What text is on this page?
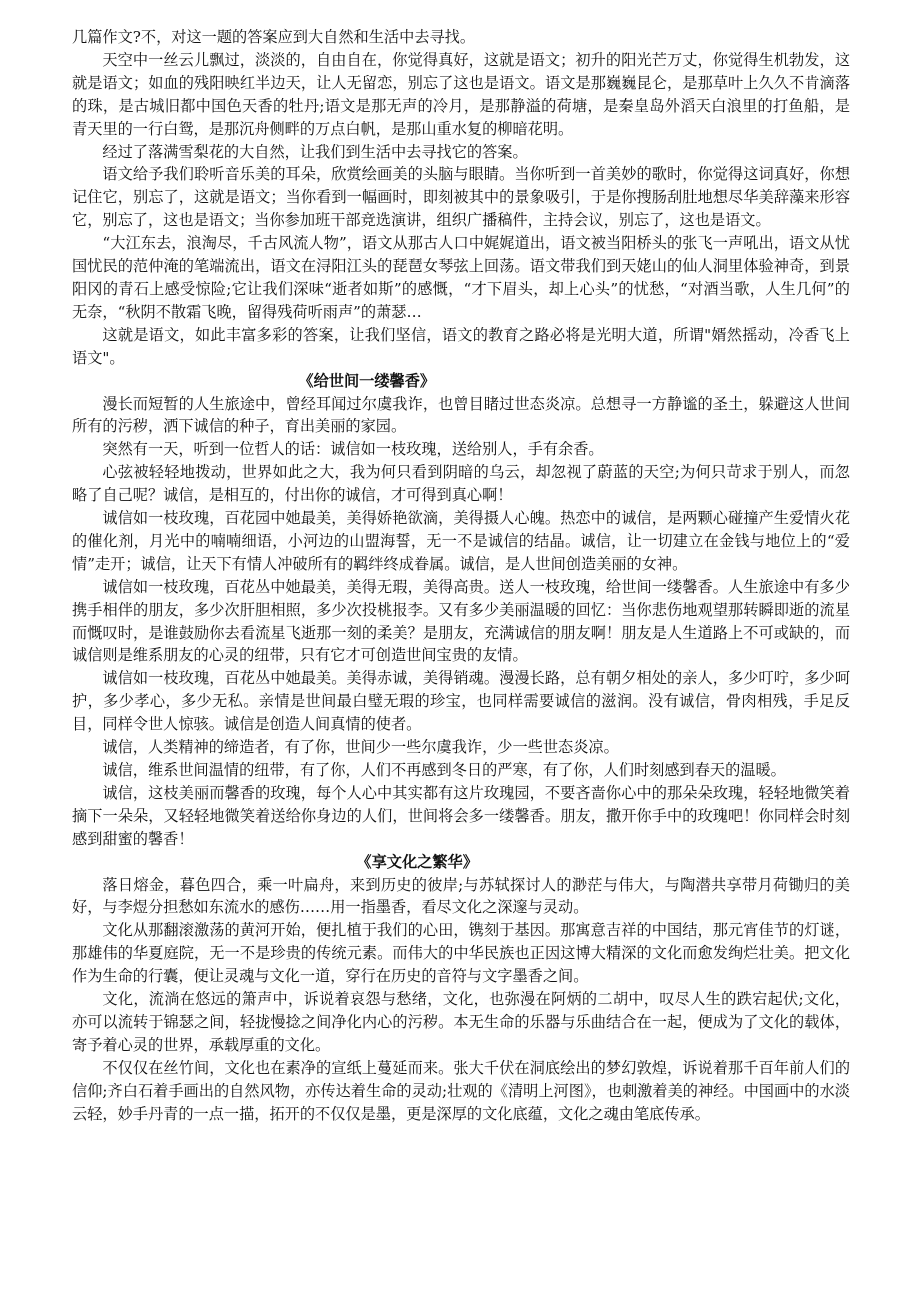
几篇作文?不，对这一题的答案应到大自然和生活中去寻找。

天空中一丝云儿飘过，淡淡的，自由自在，你觉得真好，这就是语文；初升的阳光芒万丈，你觉得生机勃发，这就是语文；如血的残阳映红半边天，让人无留恋，别忘了这也是语文。语文是那巍巍昆仑，是那草叶上久久不肯滴落的珠，是古城旧都中国色天香的牡丹;语文是那无声的冷月，是那静溢的荷塘，是秦皇岛外滔天白浪里的打鱼船，是青天里的一行白鸳，是那沉舟侧畔的万点白帆，是那山重水复的柳暗花明。

经过了落满雪梨花的大自然，让我们到生活中去寻找它的答案。

语文给予我们聆听音乐美的耳朵，欣赏绘画美的头脑与眼睛。当你听到一首美妙的歌时，你觉得这词真好，你想记住它，别忘了，这就是语文；当你看到一幅画时，即刻被其中的景象吸引，于是你搜肠刮肚地想尽华美辞藻来形容它，别忘了，这也是语文；当你参加班干部竞选演讲，组织广播稿件，主持会议，别忘了，这也是语文。

“大江东去，浪淘尽，千古风流人物”，语文从那古人口中娓娓道出，语文被当阳桥头的张飞一声吼出，语文从忧国忧民的范仲淹的笔端流出，语文在浔阳江头的琵琶女琴弦上回荡。语文带我们到天姥山的仙人洞里体验神奇，到景阳冈的青石上感受惊险;它让我们深味“逝者如斯”的感慨，“才下眉头，却上心头”的忧愁，“对酒当歌，人生几何”的无奈，“秋阴不散霜飞晚，留得残荷听雨声”的萧瑟…

这就是语文，如此丰富多彩的答案，让我们坚信，语文的教育之路必将是光明大道，所谓"婿然摇动，冷香飞上语文"。

《给世间一缕馨香》

漫长而短暂的人生旅途中，曾经耳闻过尔虞我诈，也曾目睹过世态炎凉。总想寻一方静谧的圣土，躲避这人世间所有的污秽，洒下诚信的种子，育出美丽的家园。

突然有一天，听到一位哲人的话：诚信如一枝玫瑰，送给别人，手有余香。

心弦被轻轻地拨动，世界如此之大，我为何只看到阴暗的乌云，却忽视了蔚蓝的天空;为何只苛求于别人，而忽略了自己呢？诚信，是相互的，付出你的诚信，才可得到真心啊！

诚信如一枝玫瑰，百花园中她最美，美得娇艳欲滴，美得摄人心魄。热恋中的诚信，是两颗心碰撞产生爱情火花的催化剂，月光中的喃喃细语，小河边的山盟海誓，无一不是诚信的结晶。诚信，让一切建立在金钱与地位上的“爱情”走开；诚信，让天下有情人冲破所有的羁绊终成眷属。诚信，是人世间创造美丽的女神。

诚信如一枝玫瑰，百花丛中她最美，美得无瑕，美得高贵。送人一枝玫瑰，给世间一缕馨香。人生旅途中有多少携手相伴的朋友，多少次肝胆相照，多少次投桃报李。又有多少美丽温暖的回忆：当你悲伤地观望那转瞬即逝的流星而慨叹时，是谁鼓励你去看流星飞逝那一刻的柔美？是朋友，充满诚信的朋友啊！朋友是人生道路上不可或缺的，而诚信则是维系朋友的心灵的纽带，只有它才可创造世间宝贵的友情。

诚信如一枝玫瑰，百花丛中她最美。美得赤诚，美得销魂。漫漫长路，总有朝夕相处的亲人，多少叮咛，多少呵护，多少孝心，多少无私。亲情是世间最白璧无瑕的珍宝，也同样需要诚信的滋润。没有诚信，骨肉相残，手足反目，同样令世人惊骇。诚信是创造人间真情的使者。

诚信，人类精神的缔造者，有了你，世间少一些尔虞我诈，少一些世态炎凉。

诚信，维系世间温情的纽带，有了你，人们不再感到冬日的严寒，有了你，人们时刻感到春天的温暖。

诚信，这枝美丽而馨香的玫瑰，每个人心中其实都有这片玫瑰园，不要吝啬你心中的那朵朵玫瑰，轻轻地微笑着摘下一朵朵，又轻轻地微笑着送给你身边的人们，世间将会多一缕馨香。朋友，撒开你手中的玫瑰吧！你同样会时刻感到甜蜜的馨香！

《享文化之繁华》

落日熔金，暮色四合，乘一叶扁舟，来到历史的彼岸;与苏轼探讨人的渺茫与伟大，与陶潜共享带月荷锄归的美好，与李煜分担愁如东流水的感伤……用一指墨香，看尽文化之深邃与灵动。

文化从那翻滚激荡的黄河开始，便扎植于我们的心田，镌刻于基因。那寓意吉祥的中国结，那元宵佳节的灯谜，那雄伟的华夏庭院，无一不是珍贵的传统元素。而伟大的中华民族也正因这博大精深的文化而愈发绚烂壮美。把文化作为生命的行囊，便让灵魂与文化一道，穿行在历史的音符与文字墨香之间。

文化，流淌在悠远的箫声中，诉说着哀怨与愁绪，文化，也弥漫在阿炳的二胡中，叹尽人生的跌宕起伏;文化，亦可以流转于锦瑟之间，轻拢慢捻之间净化内心的污秽。本无生命的乐器与乐曲结合在一起，便成为了文化的载体，寄予着心灵的世界，承载厚重的文化。

不仅仅在丝竹间，文化也在素净的宣纸上蔓延而来。张大千伏在洞底绘出的梦幻敦煌，诉说着那千百年前人们的信仰;齐白石着手画出的自然风物，亦传达着生命的灵动;壮观的《清明上河图》，也刺激着美的神经。中国画中的水淡云轻，妙手丹青的一点一描，拓开的不仅仅是墨，更是深厚的文化底蕴，文化之魂由笔底传承。
